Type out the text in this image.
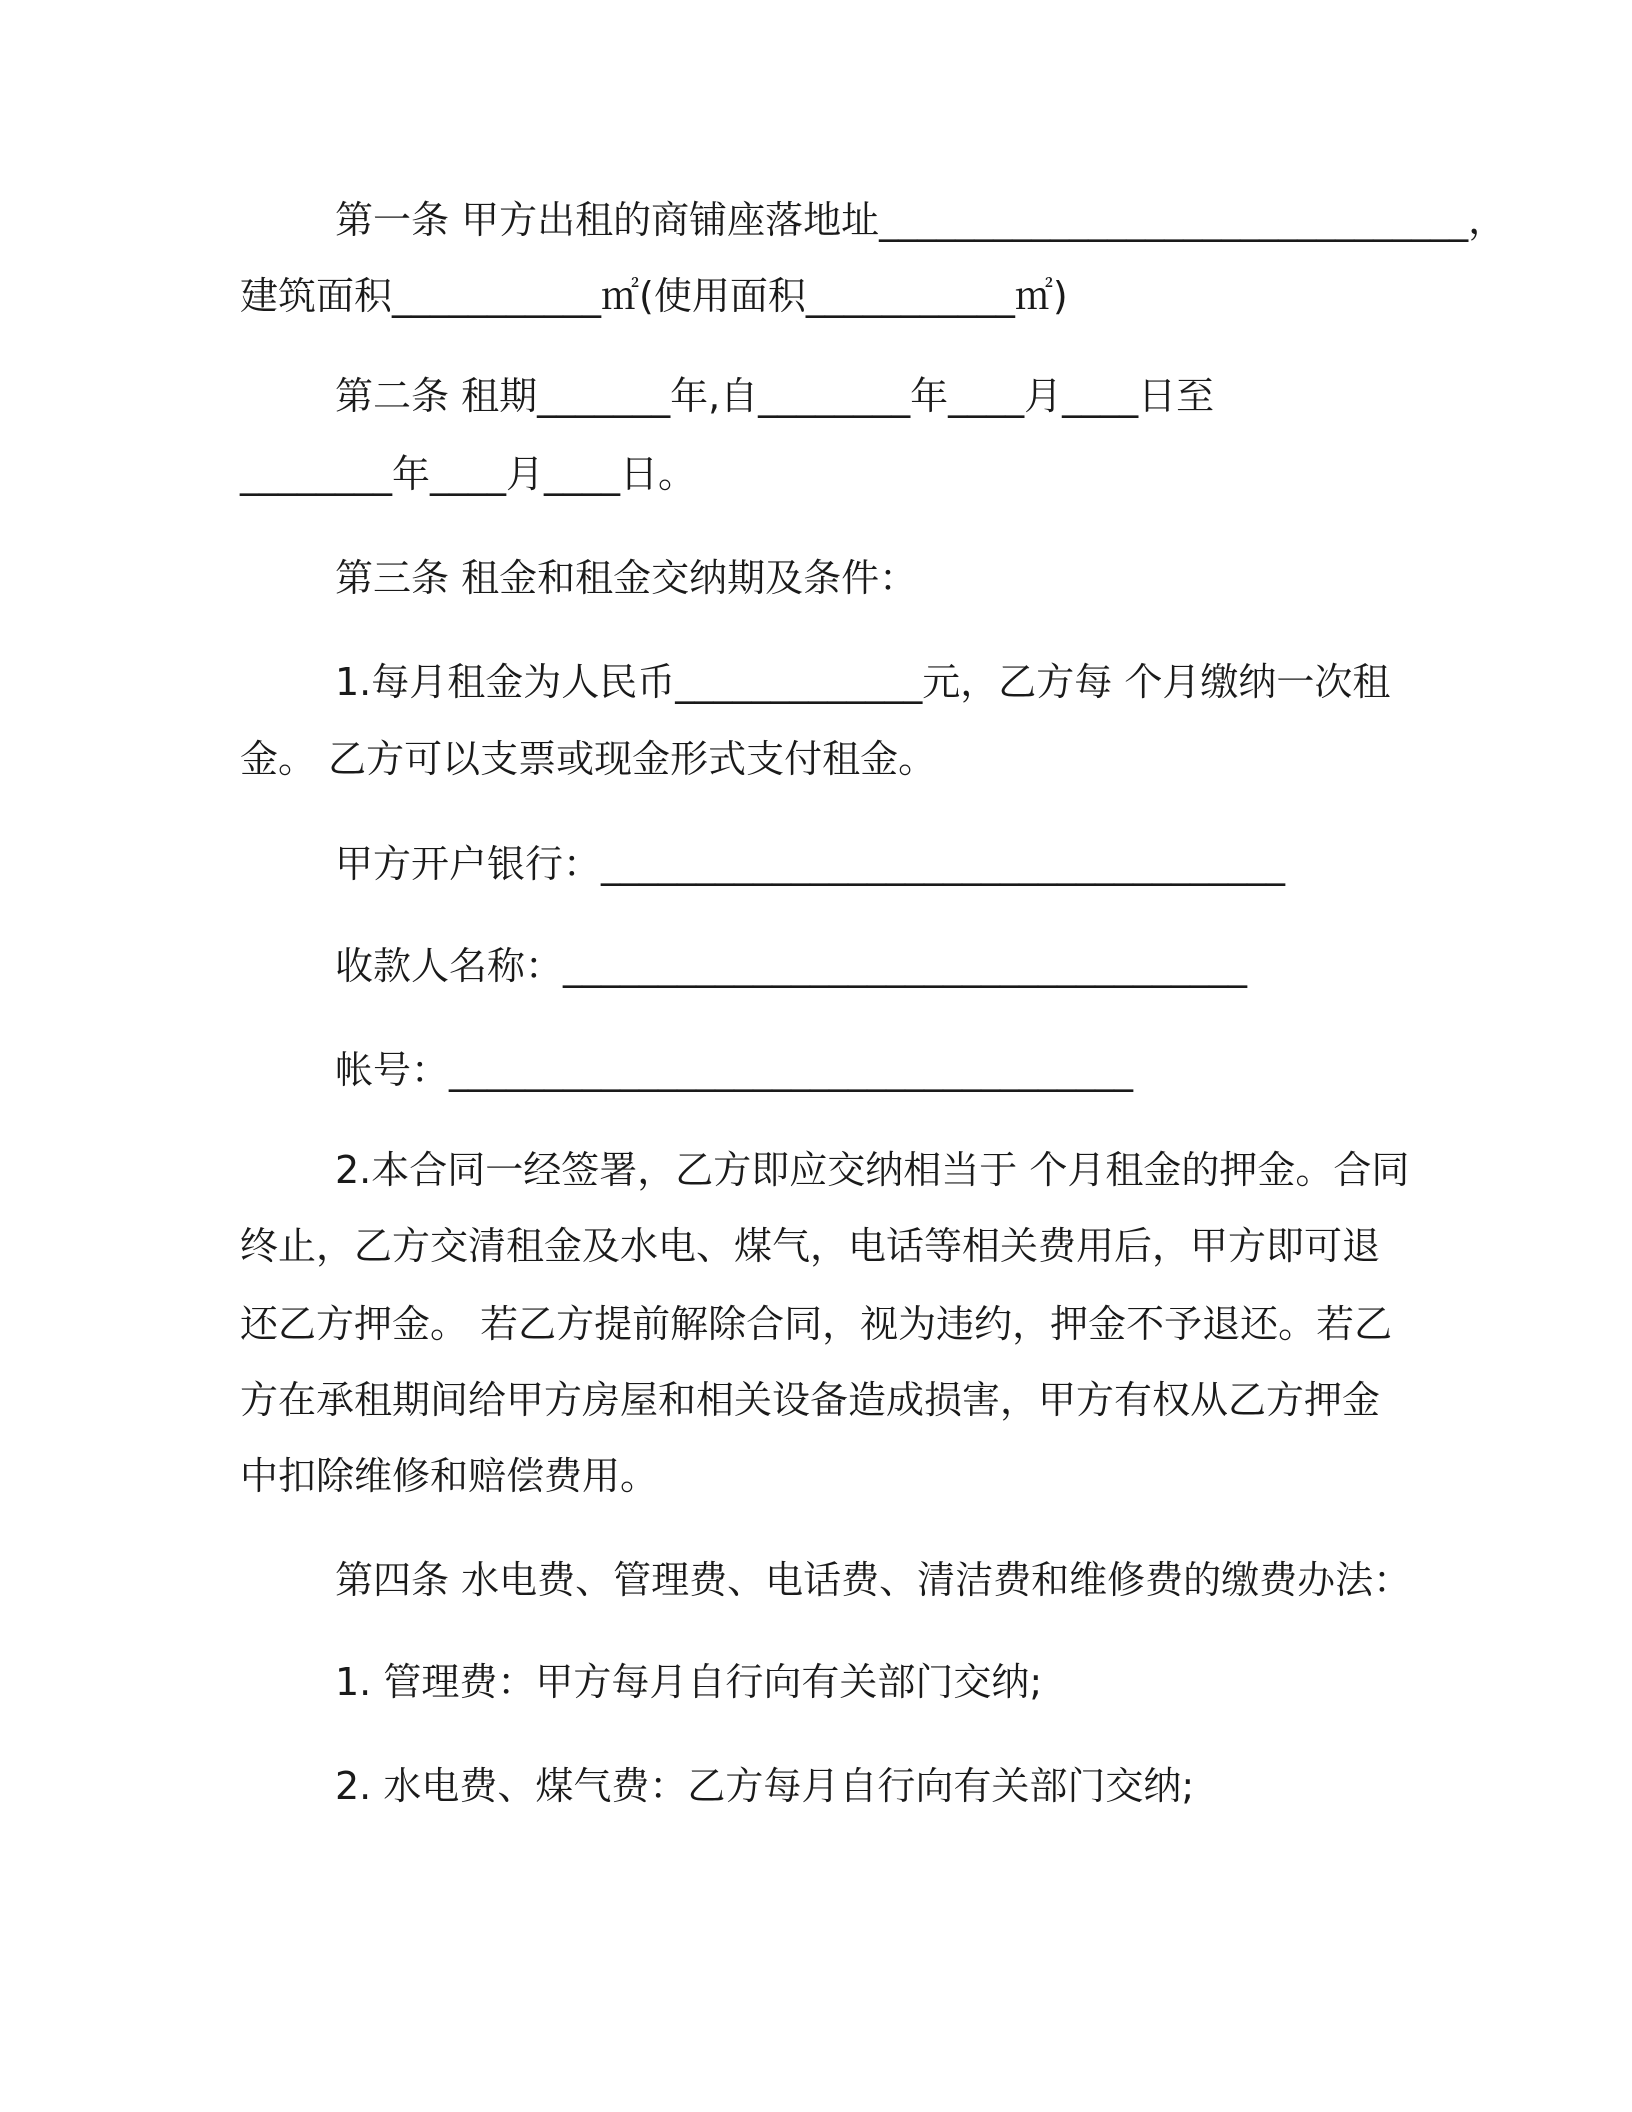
第一条 甲方出租的商铺座落地址_______________________________，
建筑面积___________㎡(使用面积___________㎡)
第二条 租期_______年,自________年____月____日至
________年____月____日。
第三条 租金和租金交纳期及条件：
1.每月租金为人民币_____________元，乙方每 个月缴纳一次租
金。 乙方可以支票或现金形式支付租金。
甲方开户银行：____________________________________
收款人名称：____________________________________
帐号：____________________________________
2.本合同一经签署，乙方即应交纳相当于 个月租金的押金。合同
终止，乙方交清租金及水电、煤气，电话等相关费用后，甲方即可退
还乙方押金。 若乙方提前解除合同，视为违约，押金不予退还。若乙
方在承租期间给甲方房屋和相关设备造成损害，甲方有权从乙方押金
中扣除维修和赔偿费用。
第四条 水电费、管理费、电话费、清洁费和维修费的缴费办法：
1. 管理费：甲方每月自行向有关部门交纳;
2. 水电费、煤气费：乙方每月自行向有关部门交纳;
